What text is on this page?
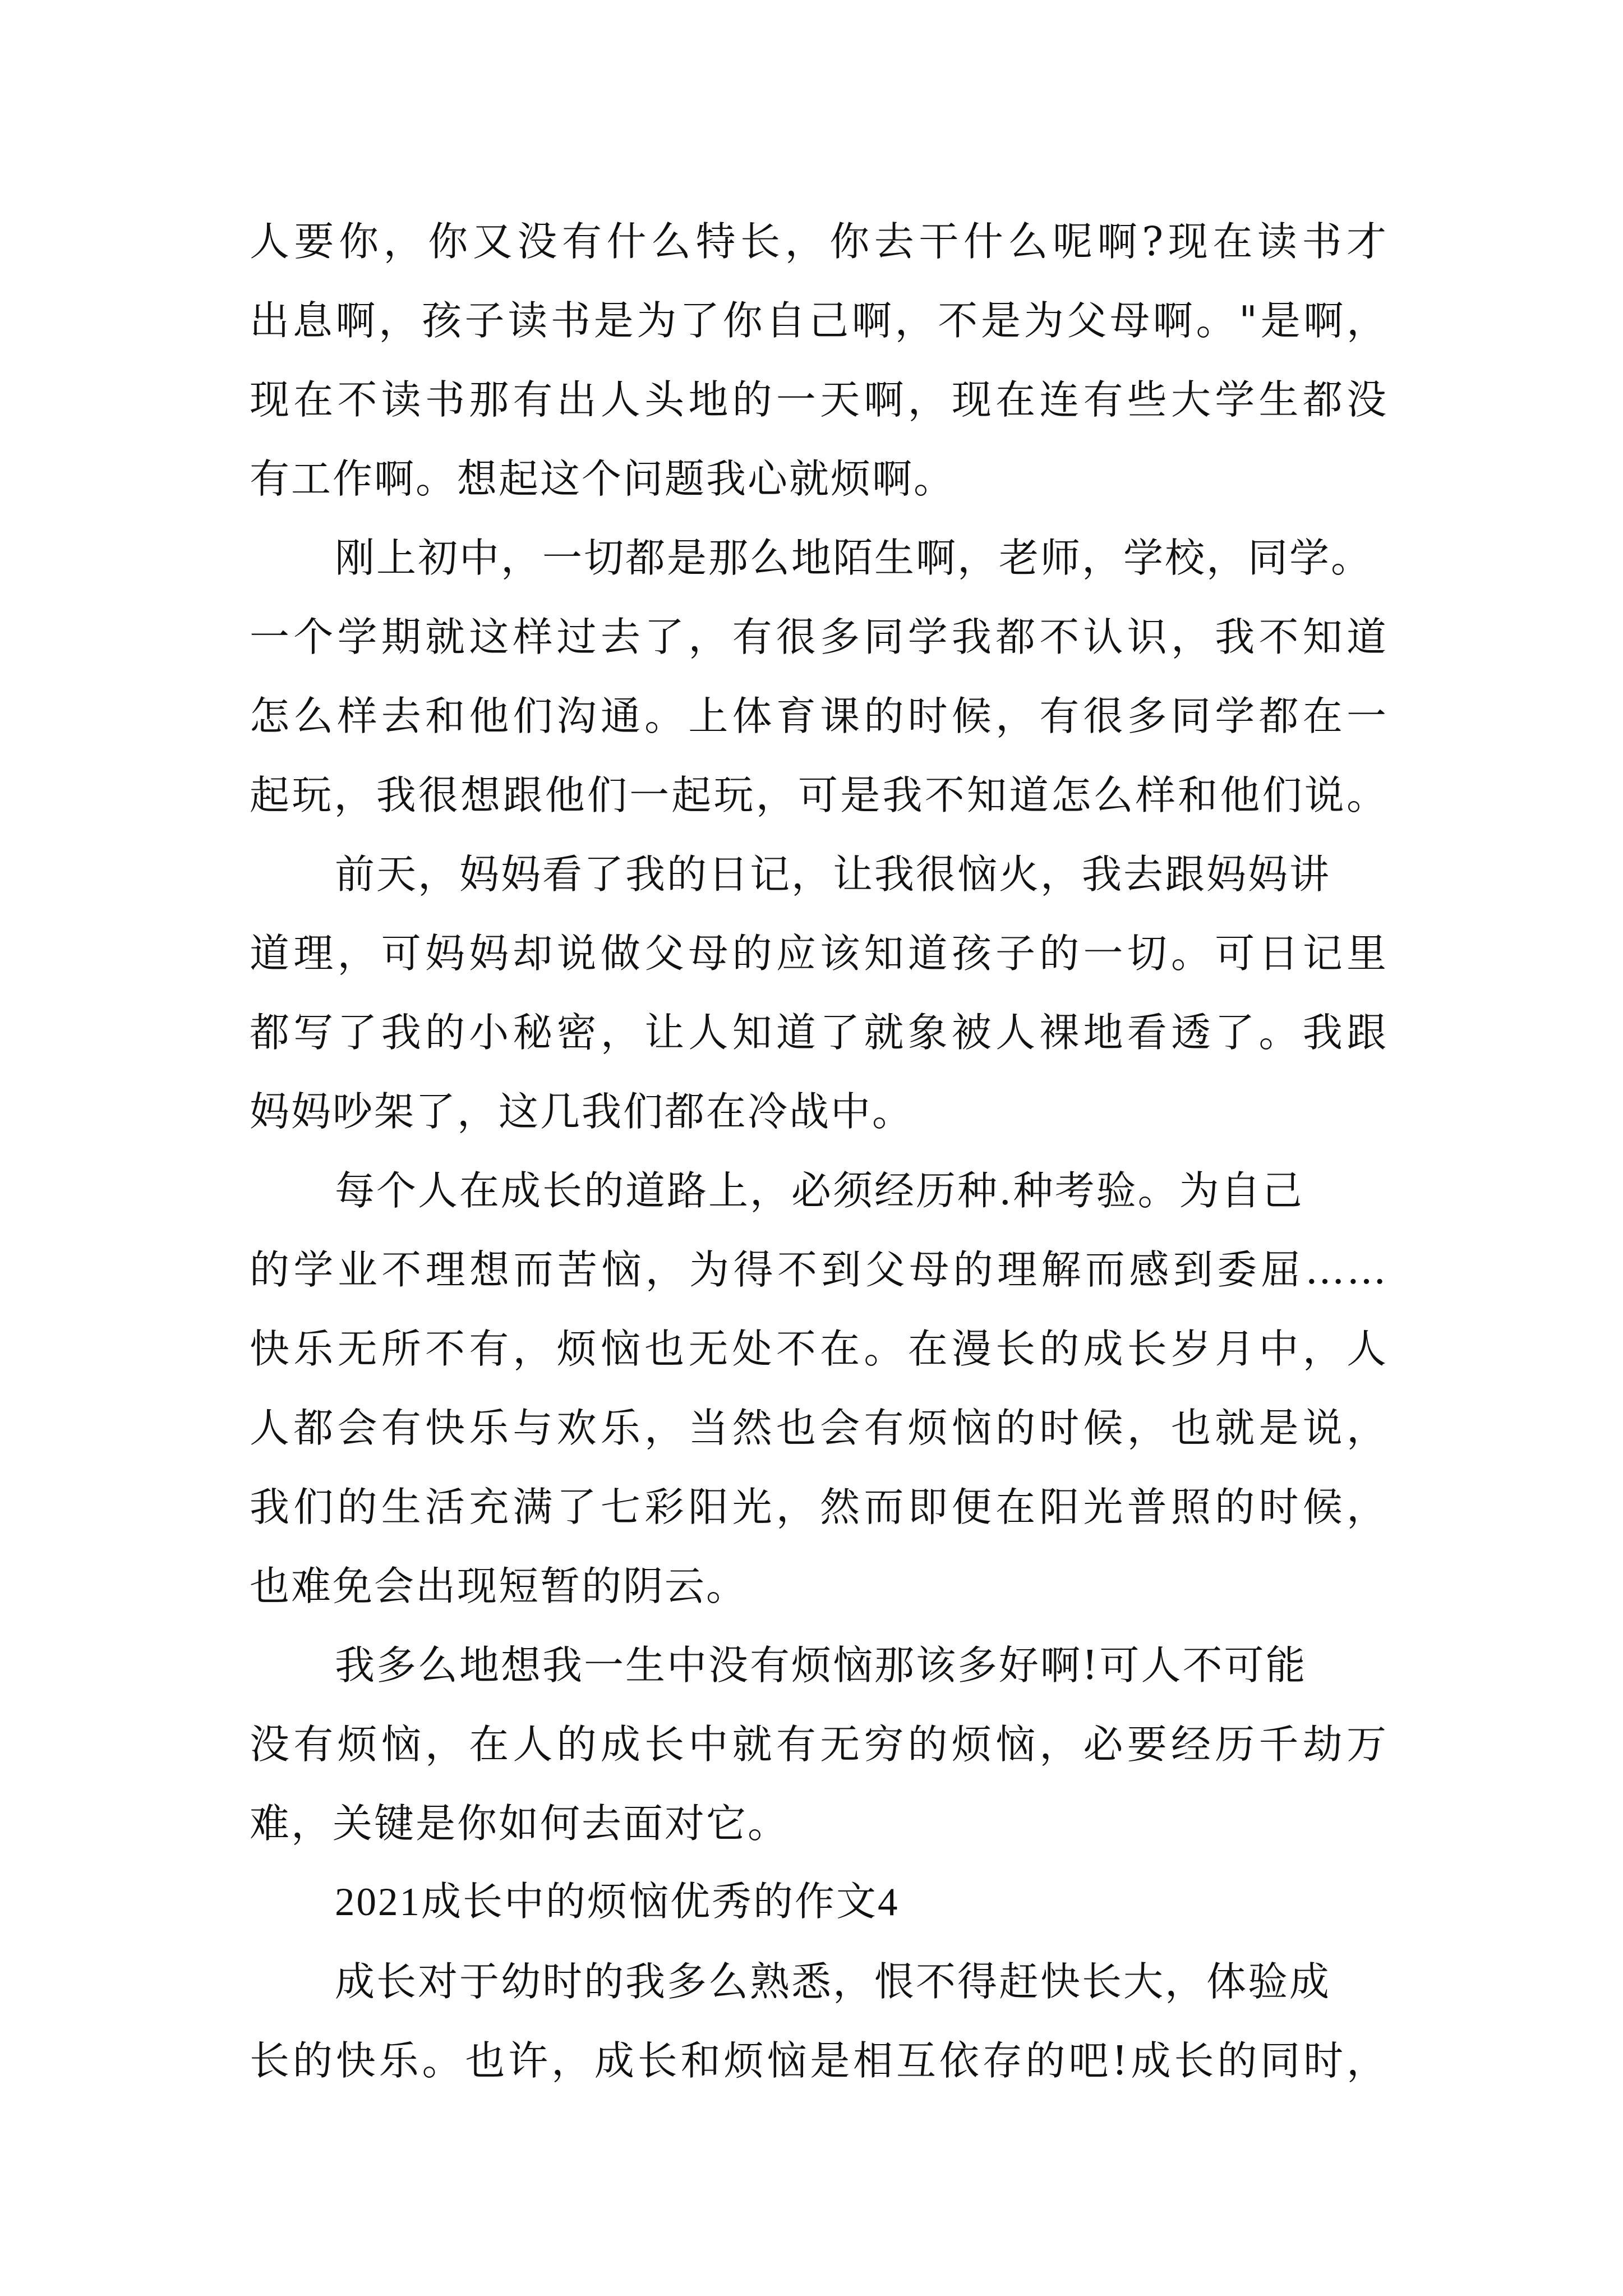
人要你，你又没有什么特长，你去干什么呢啊?现在读书才
出息啊，孩子读书是为了你自己啊，不是为父母啊。"是啊，
现在不读书那有出人头地的一天啊，现在连有些大学生都没
有工作啊。想起这个问题我心就烦啊。
刚上初中，一切都是那么地陌生啊，老师，学校，同学。
一个学期就这样过去了，有很多同学我都不认识，我不知道
怎么样去和他们沟通。上体育课的时候，有很多同学都在一
起玩，我很想跟他们一起玩，可是我不知道怎么样和他们说。
前天，妈妈看了我的日记，让我很恼火，我去跟妈妈讲
道理，可妈妈却说做父母的应该知道孩子的一切。可日记里
都写了我的小秘密，让人知道了就象被人裸地看透了。我跟
妈妈吵架了，这几我们都在冷战中。
每个人在成长的道路上，必须经历种.种考验。为自己
的学业不理想而苦恼，为得不到父母的理解而感到委屈……
快乐无所不有，烦恼也无处不在。在漫长的成长岁月中，人
人都会有快乐与欢乐，当然也会有烦恼的时候，也就是说，
我们的生活充满了七彩阳光，然而即便在阳光普照的时候，
也难免会出现短暂的阴云。
我多么地想我一生中没有烦恼那该多好啊!可人不可能
没有烦恼，在人的成长中就有无穷的烦恼，必要经历千劫万
难，关键是你如何去面对它。
2021成长中的烦恼优秀的作文4
成长对于幼时的我多么熟悉，恨不得赶快长大，体验成
长的快乐。也许，成长和烦恼是相互依存的吧!成长的同时，
